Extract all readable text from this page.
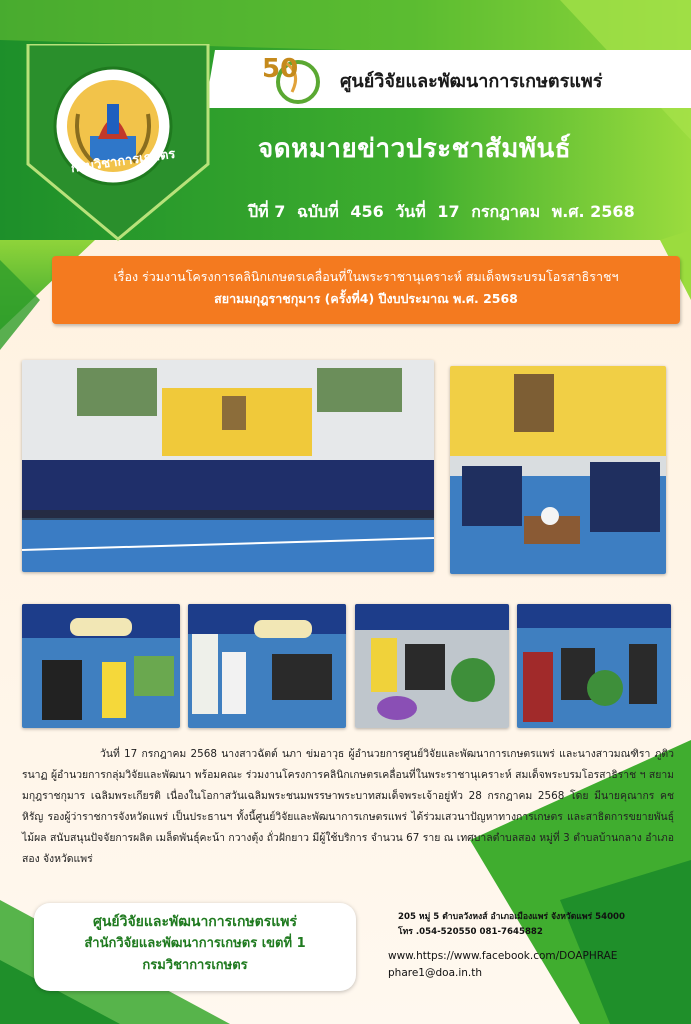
กรมวิชาการเกษตร
50 ศูนย์วิจัยและพัฒนาการเกษตรแพร่
จดหมายข่าวประชาสัมพันธ์
ปีที่ 7 ฉบับที่ 456 วันที่ 17 กรกฎาคม พ.ศ. 2568
เรื่อง ร่วมงานโครงการคลินิกเกษตรเคลื่อนที่ในพระราชานุเคราะห์ สมเด็จพระบรมโอรสาธิราชฯ
สยามมกุฎราชกุมาร (ครั้งที่4) ปีงบประมาณ พ.ศ. 2568

วันที่ 17 กรกฎาคม 2568 นางสาวฉัตต์ นภา ข่มอาวุธ ผู้อำนวยการศูนย์วิจัยและพัฒนาการเกษตรแพร่ และนางสาวมณฑิรา ภูติวรนาฏ ผู้อำนวยการกลุ่มวิจัยและพัฒนา พร้อมคณะ ร่วมงานโครงการคลินิกเกษตรเคลื่อนที่ในพระราชานุเคราะห์ สมเด็จพระบรมโอรสาธิราช ฯ สยามมกุฎราชกุมาร เฉลิมพระเกียรติ เนื่องในโอกาสวันเฉลิมพระชนมพรรษาพระบาทสมเด็จพระเจ้าอยู่หัว 28 กรกฎาคม 2568 โดย มีนายคุณากร คชหิรัญ รองผู้ว่าราชการจังหวัดแพร่ เป็นประธานฯ ทั้งนี้ศูนย์วิจัยและพัฒนาการเกษตรแพร่ ได้ร่วมเสวนาปัญหาทางการเกษตร และสาธิตการขยายพันธุ์ไม้ผล สนับสนุนปัจจัยการผลิต เมล็ดพันธุ์คะน้า กวางตุ้ง ถั่วฝักยาว มีผู้ใช้บริการ จำนวน 67 ราย ณ เทศบาลตำบลสอง หมู่ที่ 3 ตำบลบ้านกลาง อำเภอสอง จังหวัดแพร่

ศูนย์วิจัยและพัฒนาการเกษตรแพร่
สำนักวิจัยและพัฒนาการเกษตร เขตที่ 1
กรมวิชาการเกษตร
205 หมู่ 5 ตำบลวังหงส์ อำเภอเมืองแพร่ จังหวัดแพร่ 54000
โทร .054-520550 081-7645882
www.https://www.facebook.com/DOAPHRAE
phare1@doa.in.th
